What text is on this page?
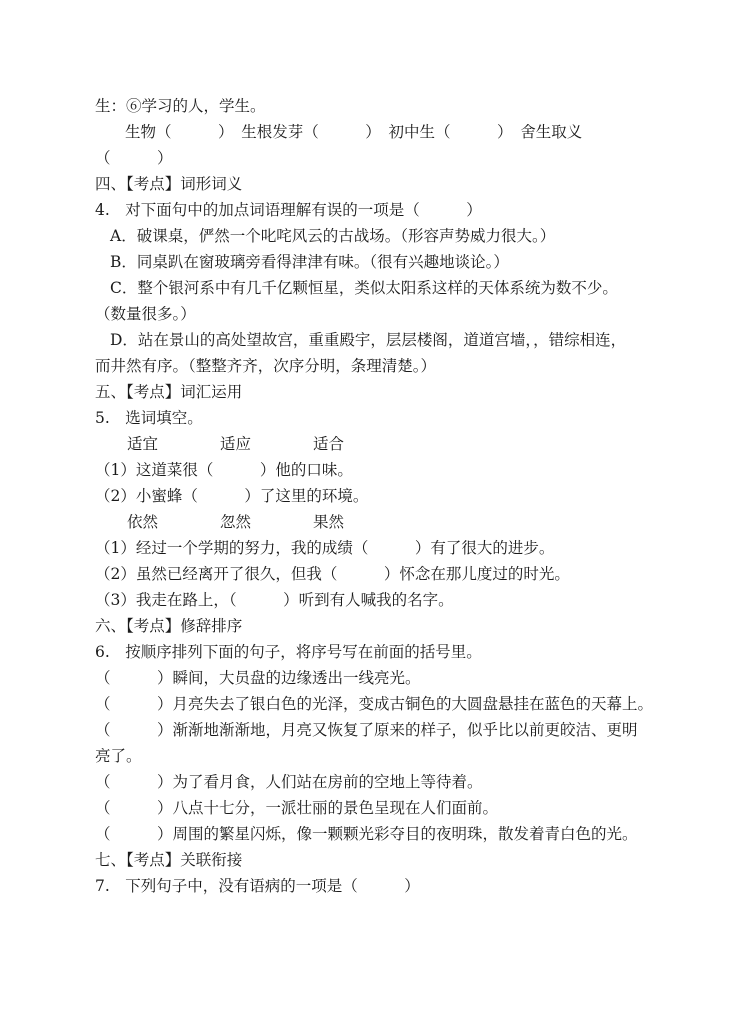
生：⑥学习的人，学生。
生物（　　　）　生根发芽（　　　）　初中生（　　　）　舍生取义
（　　　）
四、【考点】词形词义
4.　对下面句中的加点词语理解有误的一项是（　　　）
A．破课桌，俨然一个叱咤风云的古战场。（形容声势威力很大。）
B．同桌趴在窗玻璃旁看得津津有味。（很有兴趣地谈论。）
C．整个银河系中有几千亿颗恒星，类似太阳系这样的天体系统为数不少。
（数量很多。）
D．站在景山的高处望故宫，重重殿宇，层层楼阁，道道宫墙，，错综相连，
而井然有序。（整整齐齐，次序分明，条理清楚。）
五、【考点】词汇运用
5.　选词填空。
适宜　　　　适应　　　　适合
（1）这道菜很（　　　）他的口味。
（2）小蜜蜂（　　　）了这里的环境。
依然　　　　忽然　　　　果然
（1）经过一个学期的努力，我的成绩（　　　）有了很大的进步。
（2）虽然已经离开了很久，但我（　　　）怀念在那儿度过的时光。
（3）我走在路上，（　　　）听到有人喊我的名字。
六、【考点】修辞排序
6.　按顺序排列下面的句子，将序号写在前面的括号里。
（　　　）瞬间，大员盘的边缘透出一线亮光。
（　　　）月亮失去了银白色的光泽，变成古铜色的大圆盘悬挂在蓝色的天幕上。
（　　　）渐渐地渐渐地，月亮又恢复了原来的样子，似乎比以前更皎洁、更明
亮了。
（　　　）为了看月食，人们站在房前的空地上等待着。
（　　　）八点十七分，一派壮丽的景色呈现在人们面前。
（　　　）周围的繁星闪烁，像一颗颗光彩夺目的夜明珠，散发着青白色的光。
七、【考点】关联衔接
7.　下列句子中，没有语病的一项是（　　　）
